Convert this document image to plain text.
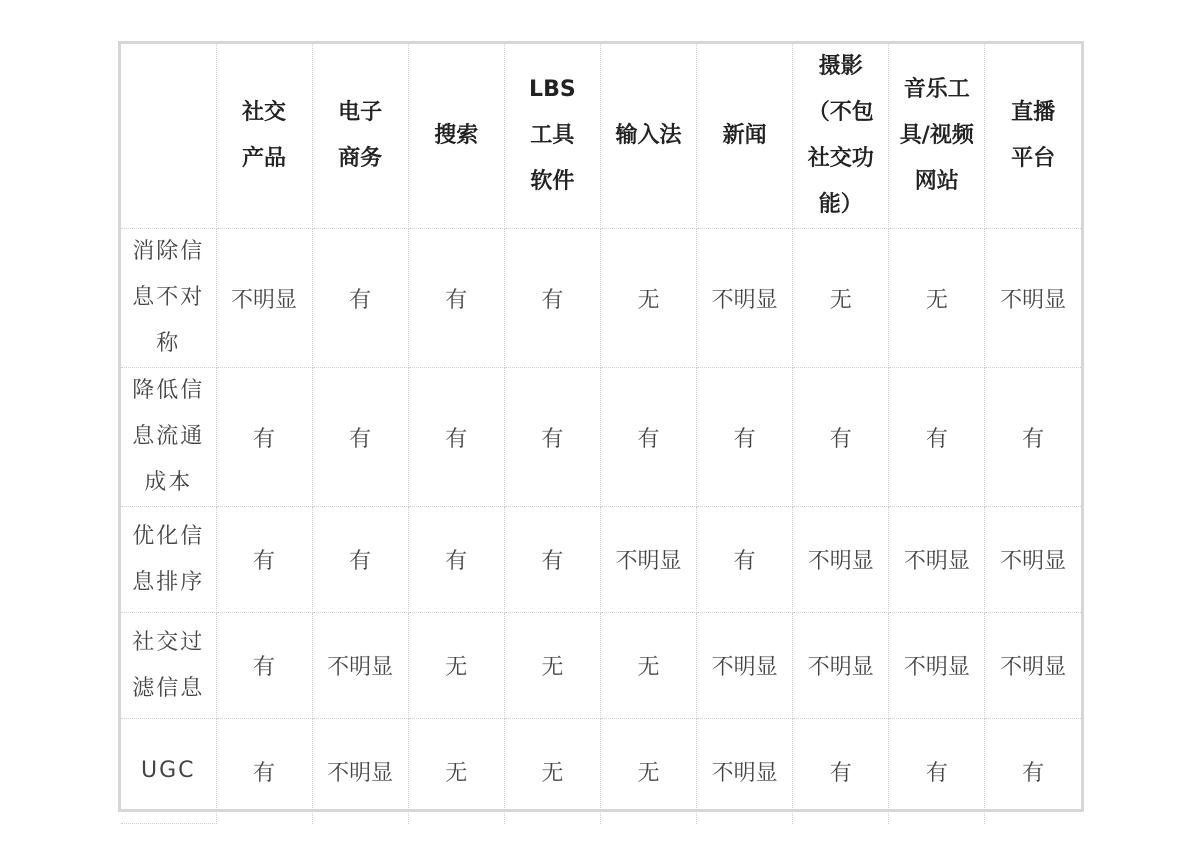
	社交产品	电子商务	搜索	LBS工具软件	输入法	新闻	摄影（不包社交功能）	音乐工具/视频网站	直播平台

消除信息不对称	不明显	有	有	有	无	不明显	无	无	不明显

降低信息流通成本	有	有	有	有	有	有	有	有	有

优化信息排序	有	有	有	有	不明显	有	不明显	不明显	不明显

社交过滤信息	有	不明显	无	无	无	不明显	不明显	不明显	不明显

UGC	有	不明显	无	无	无	不明显	有	有	有
